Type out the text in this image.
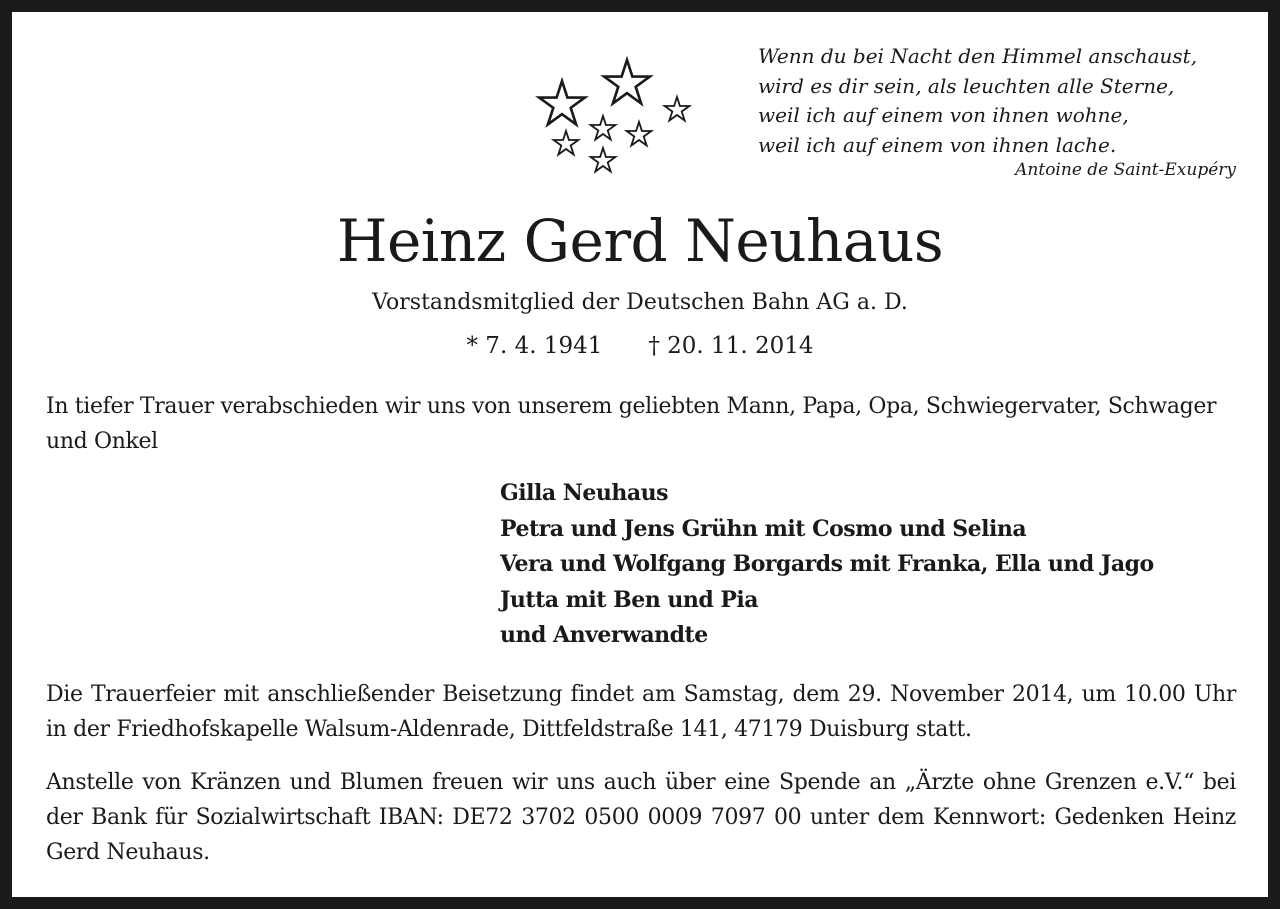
Wenn du bei Nacht den Himmel anschaust,
wird es dir sein, als leuchten alle Sterne,
weil ich auf einem von ihnen wohne,
weil ich auf einem von ihnen lache.
Antoine de Saint-Exupéry
Heinz Gerd Neuhaus
Vorstandsmitglied der Deutschen Bahn AG a. D.
* 7. 4. 1941 † 20. 11. 2014
In tiefer Trauer verabschieden wir uns von unserem geliebten Mann, Papa, Opa, Schwiegervater, Schwager und Onkel
Gilla Neuhaus
Petra und Jens Grühn mit Cosmo und Selina
Vera und Wolfgang Borgards mit Franka, Ella und Jago
Jutta mit Ben und Pia
und Anverwandte
Die Trauerfeier mit anschließender Beisetzung findet am Samstag, dem 29. November 2014, um 10.00 Uhr in der Friedhofskapelle Walsum-Aldenrade, Dittfeldstraße 141, 47179 Duisburg statt.
Anstelle von Kränzen und Blumen freuen wir uns auch über eine Spende an „Ärzte ohne Grenzen e.V.“ bei der Bank für Sozialwirtschaft IBAN: DE72 3702 0500 0009 7097 00 unter dem Kennwort: Gedenken Heinz Gerd Neuhaus.
